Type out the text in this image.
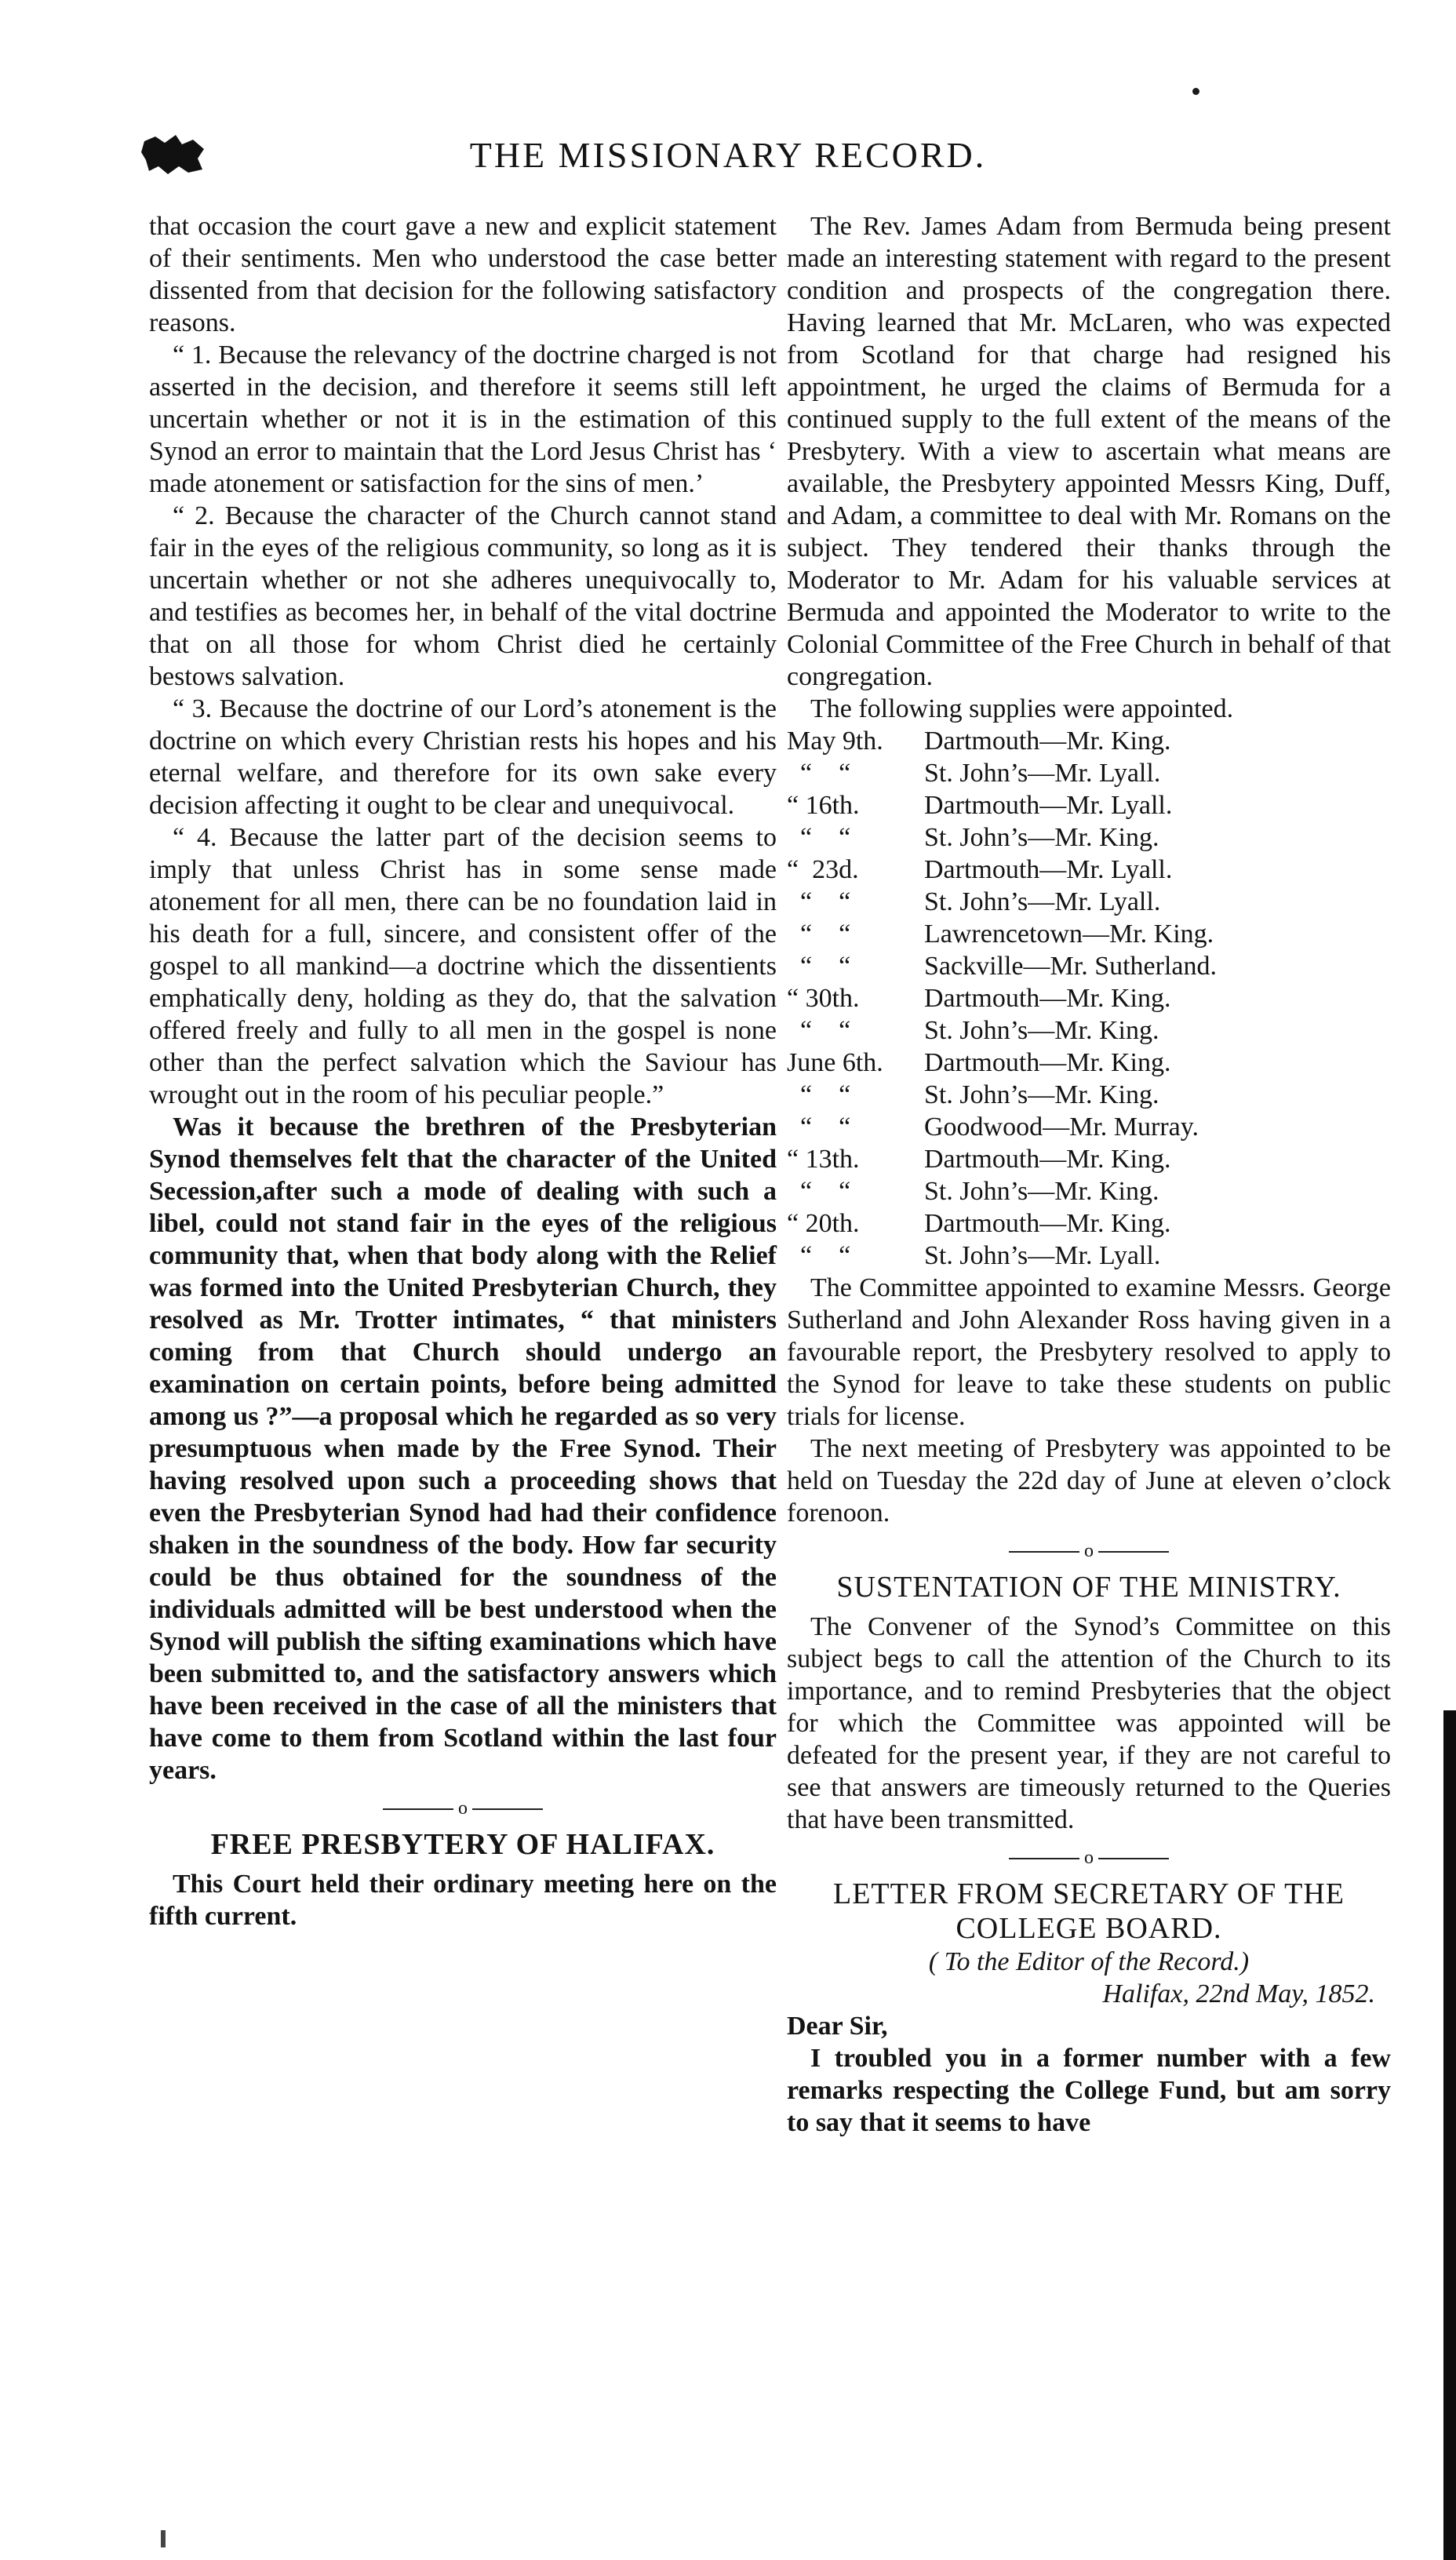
THE MISSIONARY RECORD.

that occasion the court gave a new and explicit statement of their sentiments. Men who understood the case better dissented from that decision for the following satisfactory reasons.

“ 1. Because the relevancy of the doctrine charged is not asserted in the decision, and therefore it seems still left uncertain whether or not it is in the estimation of this Synod an error to maintain that the Lord Jesus Christ has ‘ made atonement or satisfaction for the sins of men.’

“ 2. Because the character of the Church cannot stand fair in the eyes of the religious community, so long as it is uncertain whether or not she adheres unequivocally to, and testifies as becomes her, in behalf of the vital doctrine that on all those for whom Christ died he certainly bestows salvation.

“ 3. Because the doctrine of our Lord’s atonement is the doctrine on which every Christian rests his hopes and his eternal welfare, and therefore for its own sake every decision affecting it ought to be clear and unequivocal.

“ 4. Because the latter part of the decision seems to imply that unless Christ has in some sense made atonement for all men, there can be no foundation laid in his death for a full, sincere, and consistent offer of the gospel to all mankind—a doctrine which the dissentients emphatically deny, holding as they do, that the salvation offered freely and fully to all men in the gospel is none other than the perfect salvation which the Saviour has wrought out in the room of his peculiar people.”

Was it because the brethren of the Presbyterian Synod themselves felt that the character of the United Secession,after such a mode of dealing with such a libel, could not stand fair in the eyes of the religious community that, when that body along with the Relief was formed into the United Presbyterian Church, they resolved as Mr. Trotter intimates, “ that ministers coming from that Church should undergo an examination on certain points, before being admitted among us ?”—a proposal which he regarded as so very presumptuous when made by the Free Synod. Their having resolved upon such a proceeding shows that even the Presbyterian Synod had had their confidence shaken in the soundness of the body. How far security could be thus obtained for the soundness of the individuals admitted will be best understood when the Synod will publish the sifting examinations which have been submitted to, and the satisfactory answers which have been received in the case of all the ministers that have come to them from Scotland within the last four years.

o

FREE PRESBYTERY OF HALIFAX.

This Court held their ordinary meeting here on the fifth current.

The Rev. James Adam from Bermuda being present made an interesting statement with regard to the present condition and prospects of the congregation there. Having learned that Mr. McLaren, who was expected from Scotland for that charge had resigned his appointment, he urged the claims of Bermuda for a continued supply to the full extent of the means of the Presbytery. With a view to ascertain what means are available, the Presbytery appointed Messrs King, Duff, and Adam, a committee to deal with Mr. Romans on the subject. They tendered their thanks through the Moderator to Mr. Adam for his valuable services at Bermuda and appointed the Moderator to write to the Colonial Committee of the Free Church in behalf of that congregation.

The following supplies were appointed.

May 9th.	Dartmouth—Mr. King.
“    “	St. John’s—Mr. Lyall.
“ 16th.	Dartmouth—Mr. Lyall.
“    “	St. John’s—Mr. King.
“  23d.	Dartmouth—Mr. Lyall.
“    “	St. John’s—Mr. Lyall.
“    “	Lawrencetown—Mr. King.
“    “	Sackville—Mr. Sutherland.
“ 30th.	Dartmouth—Mr. King.
“    “	St. John’s—Mr. King.
June 6th.	Dartmouth—Mr. King.
“    “	St. John’s—Mr. King.
“    “	Goodwood—Mr. Murray.
“ 13th.	Dartmouth—Mr. King.
“    “	St. John’s—Mr. King.
“ 20th.	Dartmouth—Mr. King.
“    “	St. John’s—Mr. Lyall.

The Committee appointed to examine Messrs. George Sutherland and John Alexander Ross having given in a favourable report, the Presbytery resolved to apply to the Synod for leave to take these students on public trials for license.

The next meeting of Presbytery was appointed to be held on Tuesday the 22d day of June at eleven o’clock forenoon.

o

SUSTENTATION OF THE MINISTRY.

The Convener of the Synod’s Committee on this subject begs to call the attention of the Church to its importance, and to remind Presbyteries that the object for which the Committee was appointed will be defeated for the present year, if they are not careful to see that answers are timeously returned to the Queries that have been transmitted.

o

LETTER FROM SECRETARY OF THE COLLEGE BOARD.

( To the Editor of the Record.)

Halifax, 22nd May, 1852.

Dear Sir,

I troubled you in a former number with a few remarks respecting the College Fund, but am sorry to say that it seems to have
